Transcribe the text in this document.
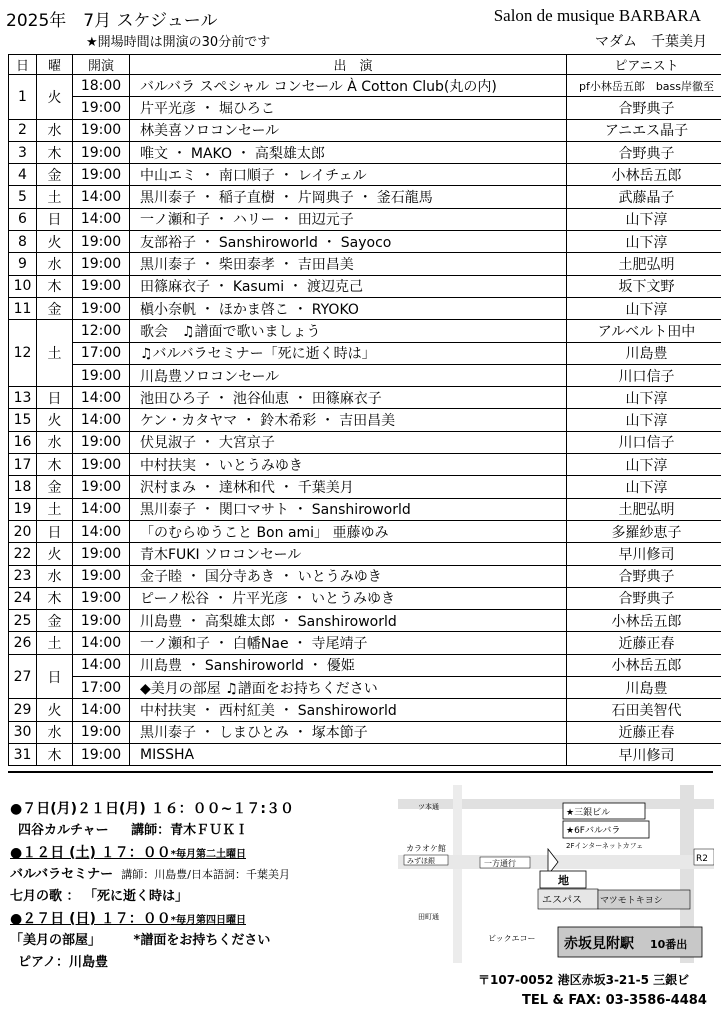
2025年　7月 スケジュール	Salon de musique BARBARA
★開場時間は開演の30分前です	マダム　千葉美月
日	曜	開演	出　演	ピアニスト
1	火	18:00	バルバラ スペシャル コンセール À Cotton Club(丸の内)	pf小林岳五郎　bass岸徹至
		19:00	片平光彦 ・ 堀ひろこ	合野典子
2	水	19:00	林美喜ソロコンセール	アニエス晶子
3	木	19:00	唯文 ・ MAKO ・ 高梨雄太郎	合野典子
4	金	19:00	中山エミ ・ 南口順子 ・ レイチェル	小林岳五郎
5	土	14:00	黒川泰子 ・ 稲子直樹 ・ 片岡典子 ・ 釜石龍馬	武藤晶子
6	日	14:00	一ノ瀬和子 ・ ハリー ・ 田辺元子	山下淳
8	火	19:00	友部裕子 ・ Sanshiroworld ・ Sayoco	山下淳
9	水	19:00	黒川泰子 ・ 柴田泰孝 ・ 吉田昌美	土肥弘明
10	木	19:00	田篠麻衣子 ・ Kasumi ・ 渡辺克己	坂下文野
11	金	19:00	槇小奈帆 ・ ほかま啓こ ・ RYOKO	山下淳
12	土	12:00	歌会　♫譜面で歌いましょう	アルベルト田中
		17:00	♫バルバラセミナー「死に逝く時は」	川島豊
		19:00	川島豊ソロコンセール	川口信子
13	日	14:00	池田ひろ子 ・ 池谷仙恵 ・ 田篠麻衣子	山下淳
15	火	14:00	ケン・カタヤマ ・ 鈴木希彩 ・ 吉田昌美	山下淳
16	水	19:00	伏見淑子 ・ 大宮京子	川口信子
17	木	19:00	中村扶実 ・ いとうみゆき	山下淳
18	金	19:00	沢村まみ ・ 達林和代 ・ 千葉美月	山下淳
19	土	14:00	黒川泰子 ・ 関口マサト ・ Sanshiroworld	土肥弘明
20	日	14:00	「のむらゆうこと Bon ami」 亜藤ゆみ	多羅紗恵子
22	火	19:00	青木FUKI ソロコンセール	早川修司
23	水	19:00	金子睦 ・ 国分寺あき ・ いとうみゆき	合野典子
24	木	19:00	ピーノ松谷 ・ 片平光彦 ・ いとうみゆき	合野典子
25	金	19:00	川島豊 ・ 高梨雄太郎 ・ Sanshiroworld	小林岳五郎
26	土	14:00	一ノ瀬和子 ・ 白幡Nae ・ 寺尾靖子	近藤正春
27	日	14:00	川島豊 ・ Sanshiroworld ・ 優姫	小林岳五郎
		17:00	◆美月の部屋 ♫譜面をお持ちください	川島豊
29	火	14:00	中村扶実 ・ 西村紅美 ・ Sanshiroworld	石田美智代
30	水	19:00	黒川泰子 ・ しまひとみ ・ 塚本節子	近藤正春
31	木	19:00	MISSHA	早川修司
●７日(月)２１日(月) １６：００~１７:３０
四谷カルチャー 講師：青木ＦＵＫＩ
●１２日 (土) １７：００*毎月第二土曜日
バルバラセミナー 講師：川島豊/日本語詞：千葉美月
七月の歌 ： 「死に逝く時は」
●２７日 (日) １７：００*毎月第四日曜日
「美月の部屋」	*譜面をお持ちください
ピアノ：川島豊
★三銀ビル
★6Fバルバラ
2Fインターネットカフェ
カラオケ館
みずほ銀	一方通行
地
エスパス マツモトキヨシ
ビックエコー 赤坂見附駅 10番出
R2
ツ本通
田町通
〒107-0052 港区赤坂3-21-5 三銀ビ
TEL & FAX: 03-3586-4484
